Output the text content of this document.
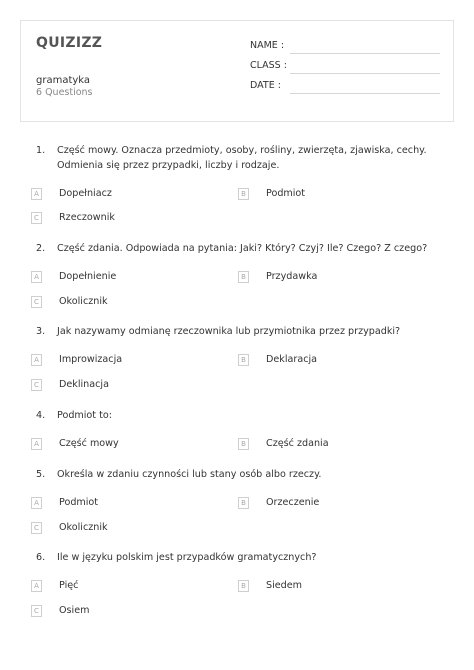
QUIZIZZ
gramatyka
6 Questions
NAME :
CLASS :
DATE :
1. Część mowy. Oznacza przedmioty, osoby, rośliny, zwierzęta, zjawiska, cechy. Odmienia się przez przypadki, liczby i rodzaje.
A	Dopełniacz	B	Podmiot
C	Rzeczownik
2. Część zdania. Odpowiada na pytania: Jaki? Który? Czyj? Ile? Czego? Z czego?
A	Dopełnienie	B	Przydawka
C	Okolicznik
3. Jak nazywamy odmianę rzeczownika lub przymiotnika przez przypadki?
A	Improwizacja	B	Deklaracja
C	Deklinacja
4. Podmiot to:
A	Część mowy	B	Część zdania
5. Określa w zdaniu czynności lub stany osób albo rzeczy.
A	Podmiot	B	Orzeczenie
C	Okolicznik
6. Ile w języku polskim jest przypadków gramatycznych?
A	Pięć	B	Siedem
C	Osiem
